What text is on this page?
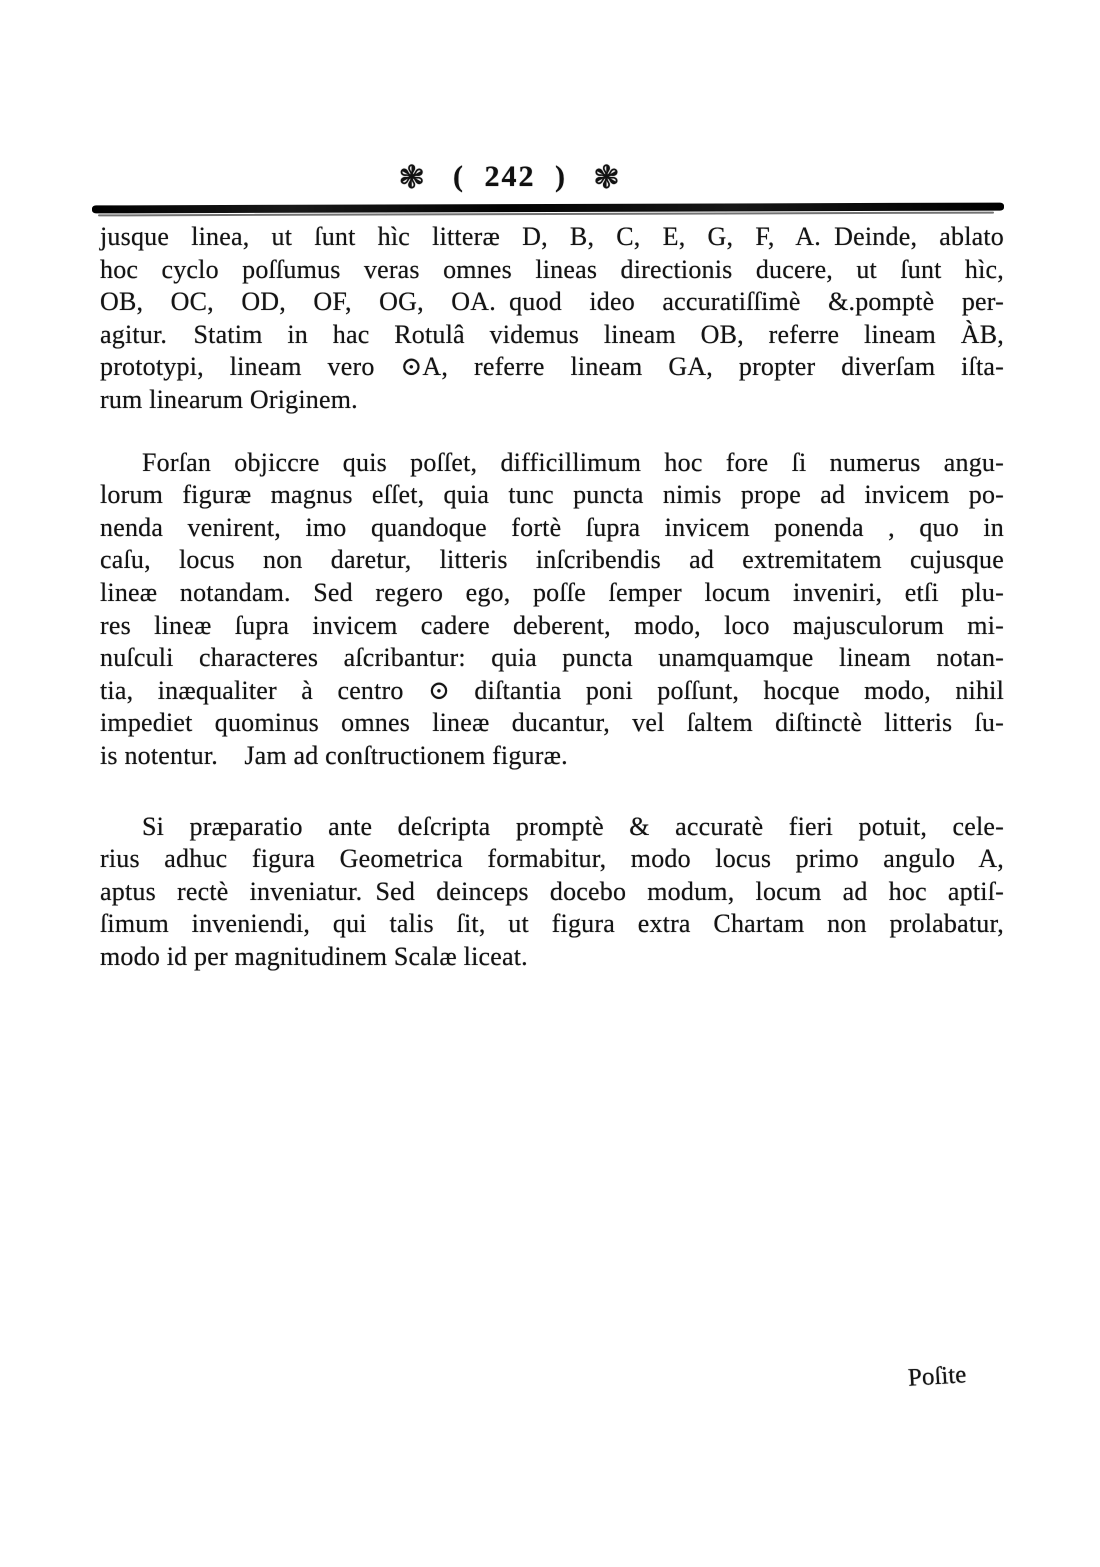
❃ ( 242 ) ❃
jusque linea, ut ſunt hìc litteræ D, B, C, E, G, F, A. Deinde, ablato
hoc cyclo poſſumus veras omnes lineas directionis ducere, ut ſunt hìc,
OB, OC, OD, OF, OG, OA. quod ideo accuratiſſimè &.pomptè per-
agitur.  Statim in hac Rotulâ videmus lineam OB, referre lineam ÀB,
prototypi, lineam vero ⊙A, referre lineam GA, propter diverſam iſta-
rum linearum Originem.
Forſan objiccre quis poſſet, difficillimum hoc fore ſi numerus angu-
lorum figuræ magnus eſſet, quia tunc puncta nimis prope ad invicem po-
nenda venirent, imo quandoque fortè ſupra invicem ponenda , quo in
caſu, locus non daretur, litteris inſcribendis ad extremitatem cujusque
lineæ notandam. Sed regero ego, poſſe ſemper locum inveniri, etſi plu-
res lineæ ſupra invicem cadere deberent, modo, loco majusculorum mi-
nuſculi characteres aſcribantur: quia puncta unamquamque lineam notan-
tia, inæqualiter à centro ⊙ diſtantia poni poſſunt, hocque modo, nihil
impediet quominus omnes lineæ ducantur, vel ſaltem diſtinctè litteris ſu-
is notentur.  Jam ad conſtructionem figuræ.
Si præparatio ante deſcripta promptè & accuratè fieri potuit, cele-
rius adhuc figura Geometrica formabitur, modo locus primo angulo A,
aptus rectè inveniatur. Sed deinceps docebo modum, locum ad hoc aptiſ-
ſimum inveniendi, qui talis ſit, ut figura extra Chartam non prolabatur,
modo id per magnitudinem Scalæ liceat.
Poſite
